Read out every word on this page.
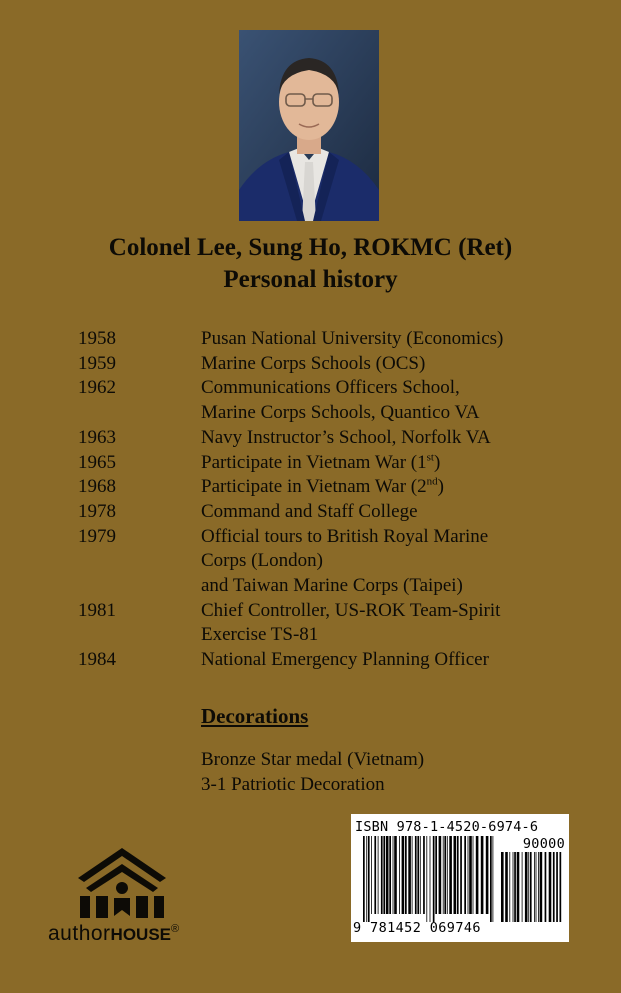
Colonel Lee, Sung Ho, ROKMC (Ret)
Personal history
1958	Pusan National University (Economics)
1959	Marine Corps Schools (OCS)
1962	Communications Officers School,
Marine Corps Schools, Quantico VA
1963	Navy Instructor’s School, Norfolk VA
1965	Participate in Vietnam War (1st)
1968	Participate in Vietnam War (2nd)
1978	Command and Staff College
1979	Official tours to British Royal Marine
Corps (London)
and Taiwan Marine Corps (Taipei)
1981	Chief Controller, US-ROK Team-Spirit
Exercise TS-81
1984	National Emergency Planning Officer
Decorations
Bronze Star medal (Vietnam)
3-1 Patriotic Decoration
authorHOUSE®
ISBN 978-1-4520-6974-6
90000
9 781452 069746
